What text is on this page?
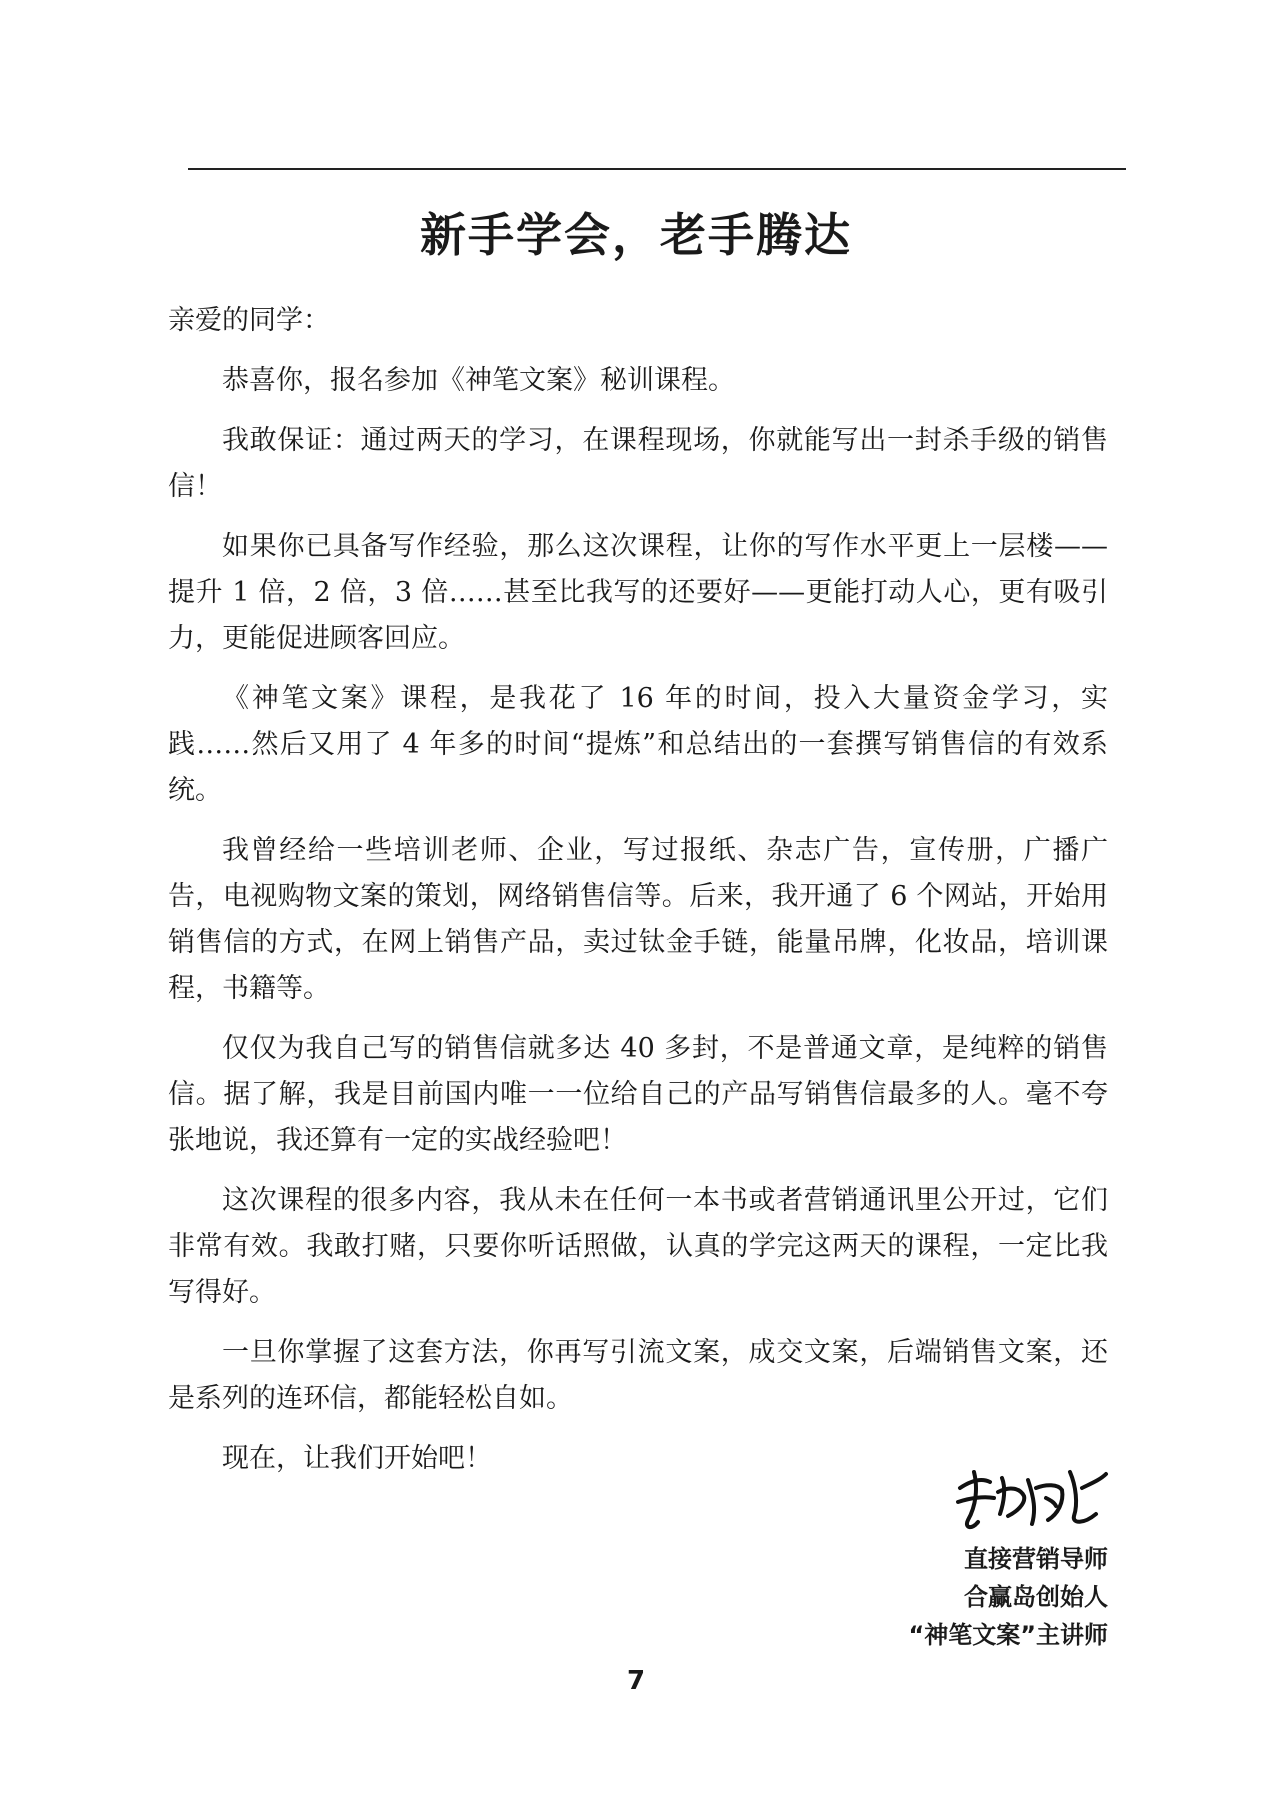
新手学会，老手腾达

亲爱的同学：

恭喜你，报名参加《神笔文案》秘训课程。

我敢保证：通过两天的学习，在课程现场，你就能写出一封杀手级的销售信！

如果你已具备写作经验，那么这次课程，让你的写作水平更上一层楼——提升 1 倍，2 倍，3 倍……甚至比我写的还要好——更能打动人心，更有吸引力，更能促进顾客回应。

《神笔文案》课程，是我花了 16 年的时间，投入大量资金学习，实践……然后又用了 4 年多的时间“提炼”和总结出的一套撰写销售信的有效系统。

我曾经给一些培训老师、企业，写过报纸、杂志广告，宣传册，广播广告，电视购物文案的策划，网络销售信等。后来，我开通了 6 个网站，开始用销售信的方式，在网上销售产品，卖过钛金手链，能量吊牌，化妆品，培训课程，书籍等。

仅仅为我自己写的销售信就多达 40 多封，不是普通文章，是纯粹的销售信。据了解，我是目前国内唯一一位给自己的产品写销售信最多的人。毫不夸张地说，我还算有一定的实战经验吧！

这次课程的很多内容，我从未在任何一本书或者营销通讯里公开过，它们非常有效。我敢打赌，只要你听话照做，认真的学完这两天的课程，一定比我写得好。

一旦你掌握了这套方法，你再写引流文案，成交文案，后端销售文案，还是系列的连环信，都能轻松自如。

现在，让我们开始吧！

直接营销导师
合赢岛创始人
“神笔文案”主讲师
7
